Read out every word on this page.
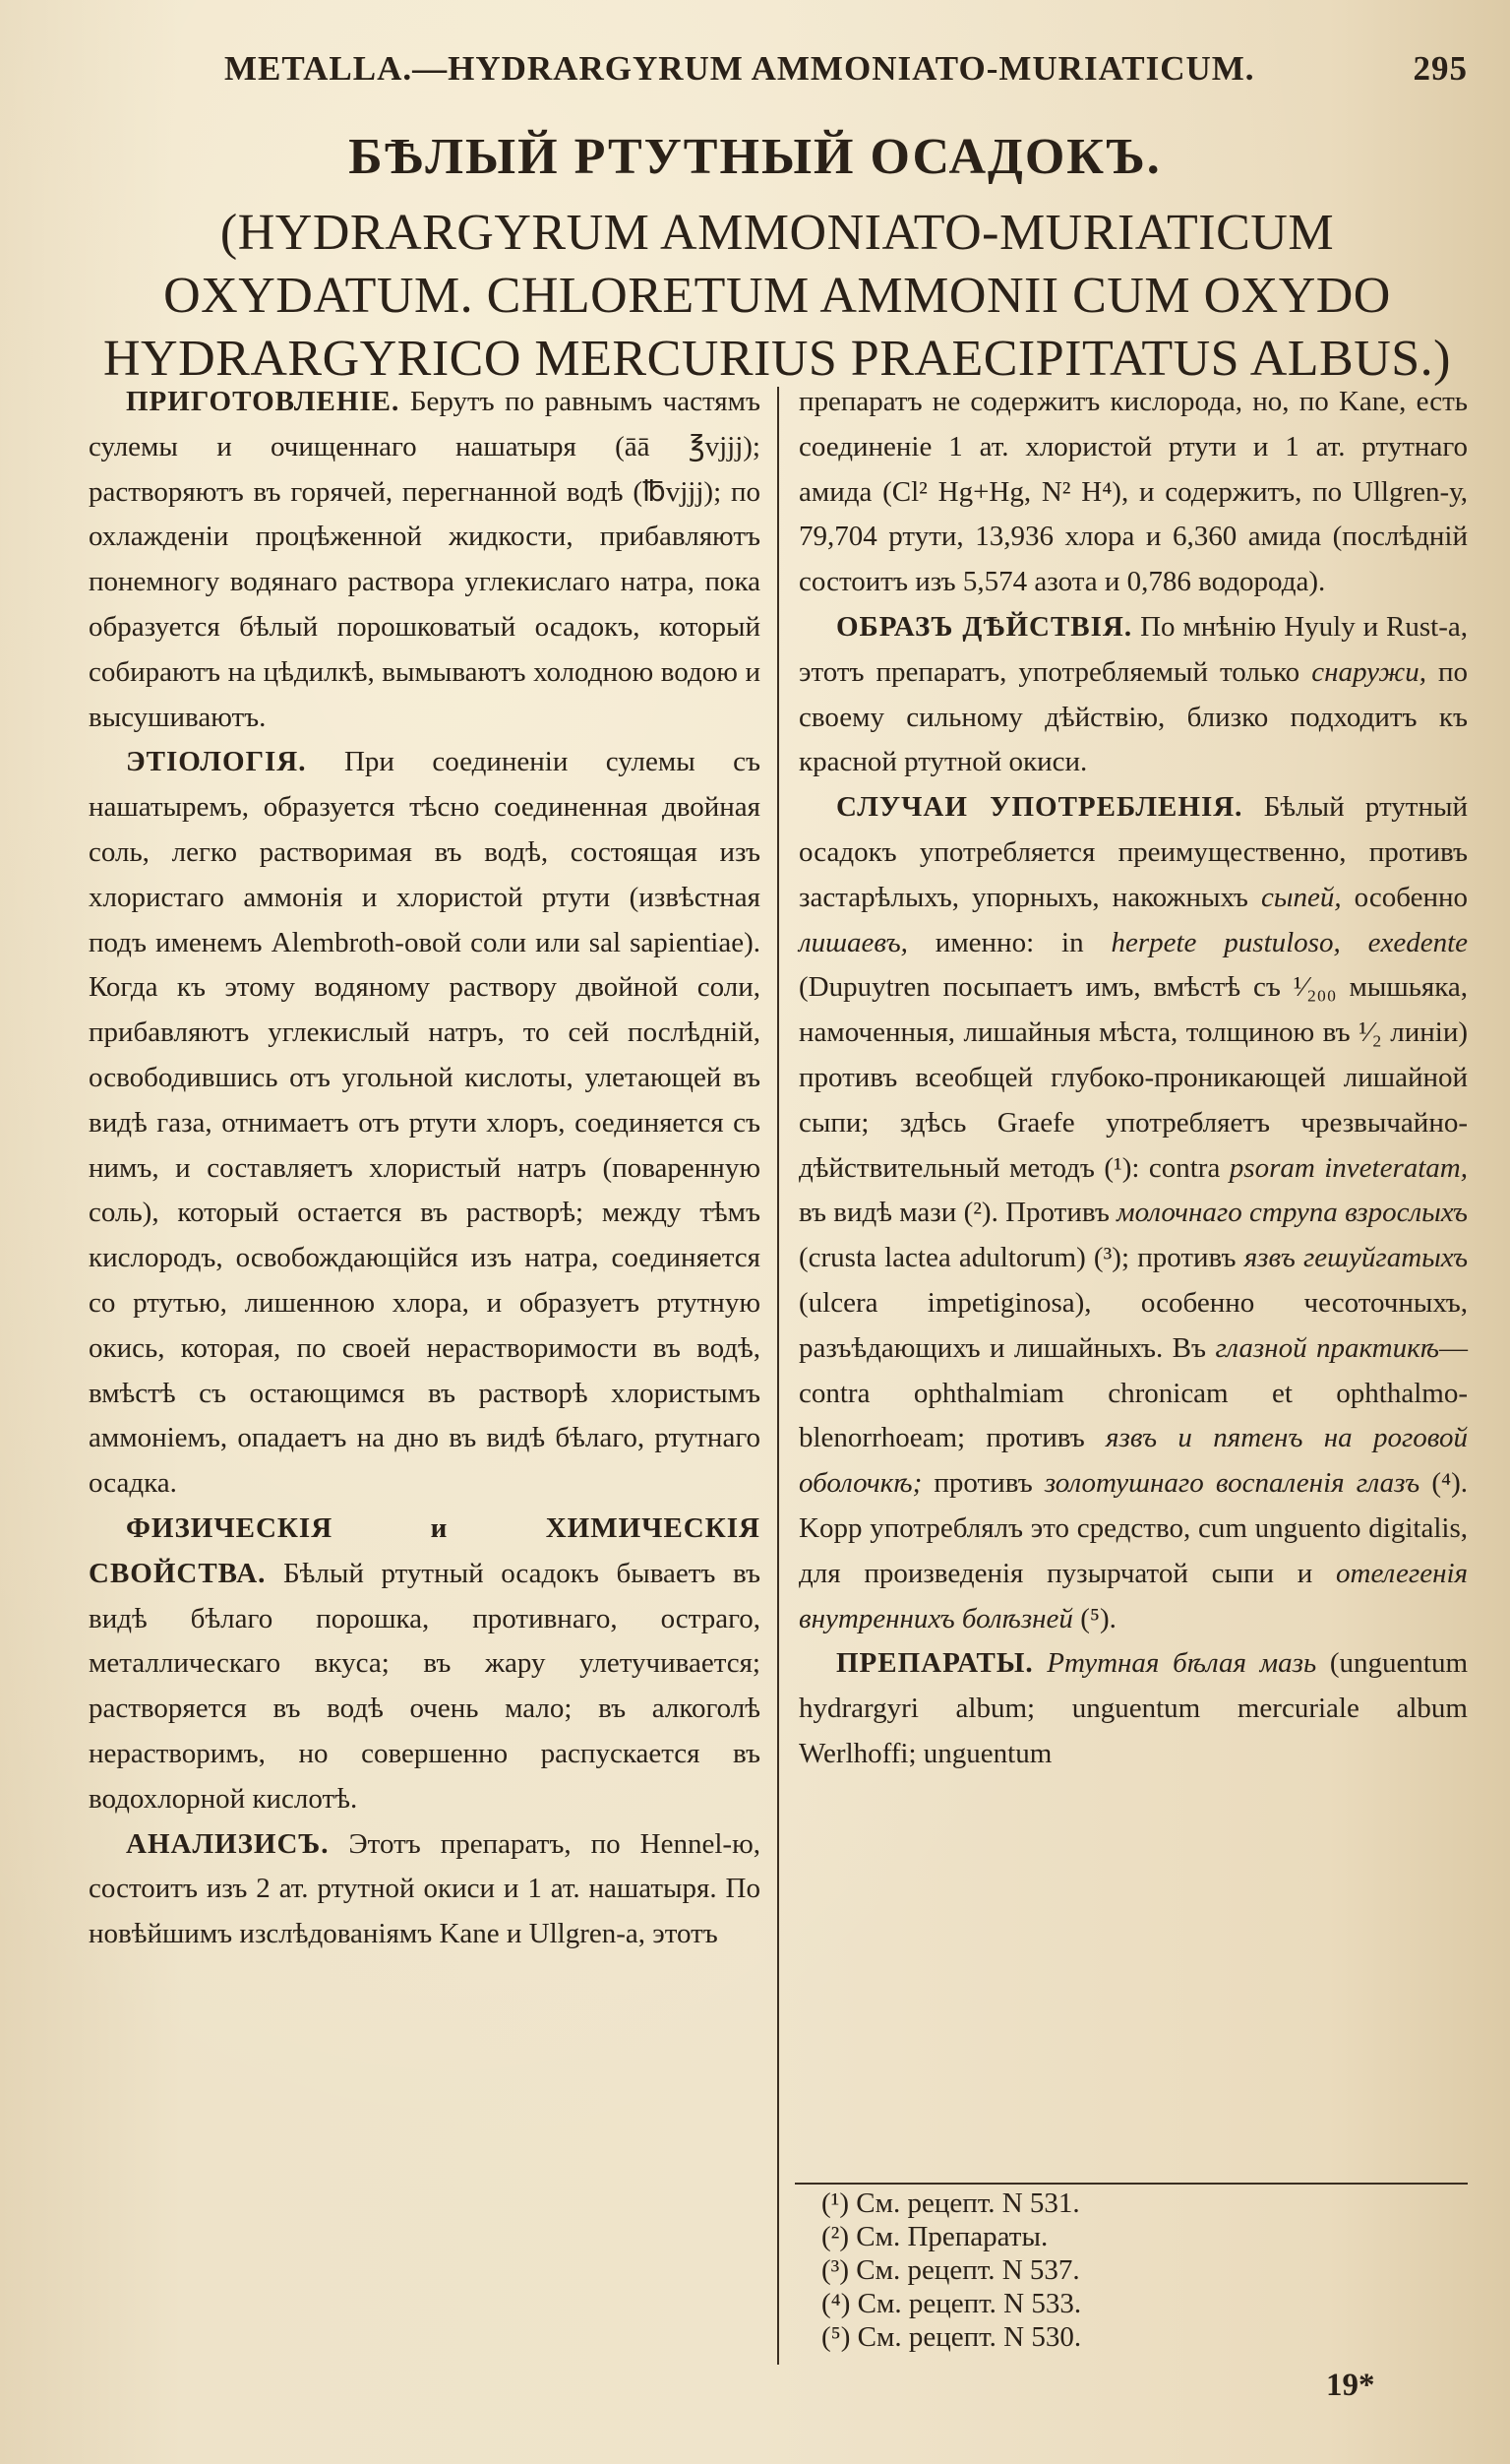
METALLA.—HYDRARGYRUM AMMONIATO-MURIATICUM.	295
БѢЛЫЙ РТУТНЫЙ ОСАДОКЪ.
(HYDRARGYRUM AMMONIATO-MURIATICUM OXYDATUM. CHLORETUM AMMONII CUM OXYDO HYDRARGYRICO MERCURIUS PRAECIPITATUS ALBUS.)

ПРИГОТОВЛЕНІЕ. Берутъ по равнымъ частямъ сулемы и очищеннаго нашатыря (āā ℥vjjj); растворяютъ въ горячей, перегнанной водѣ (℔vjjj); по охлажденіи процѣженной жидкости, прибавляютъ понемногу водянаго раствора углекислаго натра, пока образуется бѣлый порошковатый осадокъ, который собираютъ на цѣдилкѣ, вымываютъ холодною водою и высушиваютъ.

ЭТІОЛОГІЯ. При соединеніи сулемы съ нашатыремъ, образуется тѣсно соединенная двойная соль, легко растворимая въ водѣ, состоящая изъ хлористаго аммонія и хлористой ртути (извѣстная подъ именемъ Alembroth-овой соли или sal sapientiae). Когда къ этому водяному раствору двойной соли, прибавляютъ углекислый натръ, то сей послѣдній, освободившись отъ угольной кислоты, улетающей въ видѣ газа, отнимаетъ отъ ртути хлоръ, соединяется съ нимъ, и составляетъ хлористый натръ (поваренную соль), который остается въ растворѣ; между тѣмъ кислородъ, освобождающійся изъ натра, соединяется со ртутью, лишенною хлора, и образуетъ ртутную окись, которая, по своей нерастворимости въ водѣ, вмѣстѣ съ остающимся въ растворѣ хлористымъ аммоніемъ, опадаетъ на дно въ видѣ бѣлаго, ртутнаго осадка.

ФИЗИЧЕСКІЯ и ХИМИЧЕСКІЯ СВОЙСТВА. Бѣлый ртутный осадокъ бываетъ въ видѣ бѣлаго порошка, противнаго, остраго, металлическаго вкуса; въ жару улетучивается; растворяется въ водѣ очень мало; въ алкоголѣ нерастворимъ, но совершенно распускается въ водохлорной кислотѣ.

АНАЛИЗИСЪ. Этотъ препаратъ, по Hennel-ю, состоитъ изъ 2 ат. ртутной окиси и 1 ат. нашатыря. По новѣйшимъ изслѣдованіямъ Kane и Ullgren-а, этотъ

препаратъ не содержитъ кислорода, но, по Kane, есть соединеніе 1 ат. хлористой ртути и 1 ат. ртутнаго амида (Cl² Hg+Hg, N² H⁴), и содержитъ, по Ullgren-у, 79,704 ртути, 13,936 хлора и 6,360 амида (послѣдній состоитъ изъ 5,574 азота и 0,786 водорода).

ОБРАЗЪ ДѢЙСТВІЯ. По мнѣнію Hyuly и Rust-а, этотъ препаратъ, употребляемый только снаружи, по своему сильному дѣйствію, близко подходитъ къ красной ртутной окиси.

СЛУЧАИ УПОТРЕБЛЕНІЯ. Бѣлый ртутный осадокъ употребляется преимущественно, противъ застарѣлыхъ, упорныхъ, накожныхъ сыпей, особенно лишаевъ, именно: in herpete pustuloso, exedente (Dupuytren посыпаетъ имъ, вмѣстѣ съ ¹⁄₂₀₀ мышьяка, намоченныя, лишайныя мѣста, толщиною въ ¹⁄₂ линіи) противъ всеобщей глубоко-проникающей лишайной сыпи; здѣсь Graefe употребляетъ чрезвычайно-дѣйствительный методъ (¹): contra psoram inveteratam, въ видѣ мази (²). Противъ молочнаго струпа взрослыхъ (crusta lactea adultorum) (³); противъ язвъ гешуйгатыхъ (ulcera impetiginosa), особенно чесоточныхъ, разъѣдающихъ и лишайныхъ. Въ глазной практикѣ—contra ophthalmiam chronicam et ophthalmo-blenorrhoeam; противъ язвъ и пятенъ на роговой оболочкѣ; противъ золотушнаго воспаленія глазъ (⁴). Kopp употреблялъ это средство, cum unguento digitalis, для произведенія пузырчатой сыпи и отелегенія внутреннихъ болѣзней (⁵).

ПРЕПАРАТЫ. Ртутная бѣлая мазь (unguentum hydrargyri album; unguentum mercuriale album Werlhoffi; unguentum

(¹) См. рецепт. N 531.
(²) См. Препараты.
(³) См. рецепт. N 537.
(⁴) См. рецепт. N 533.
(⁵) См. рецепт. N 530.
19*
